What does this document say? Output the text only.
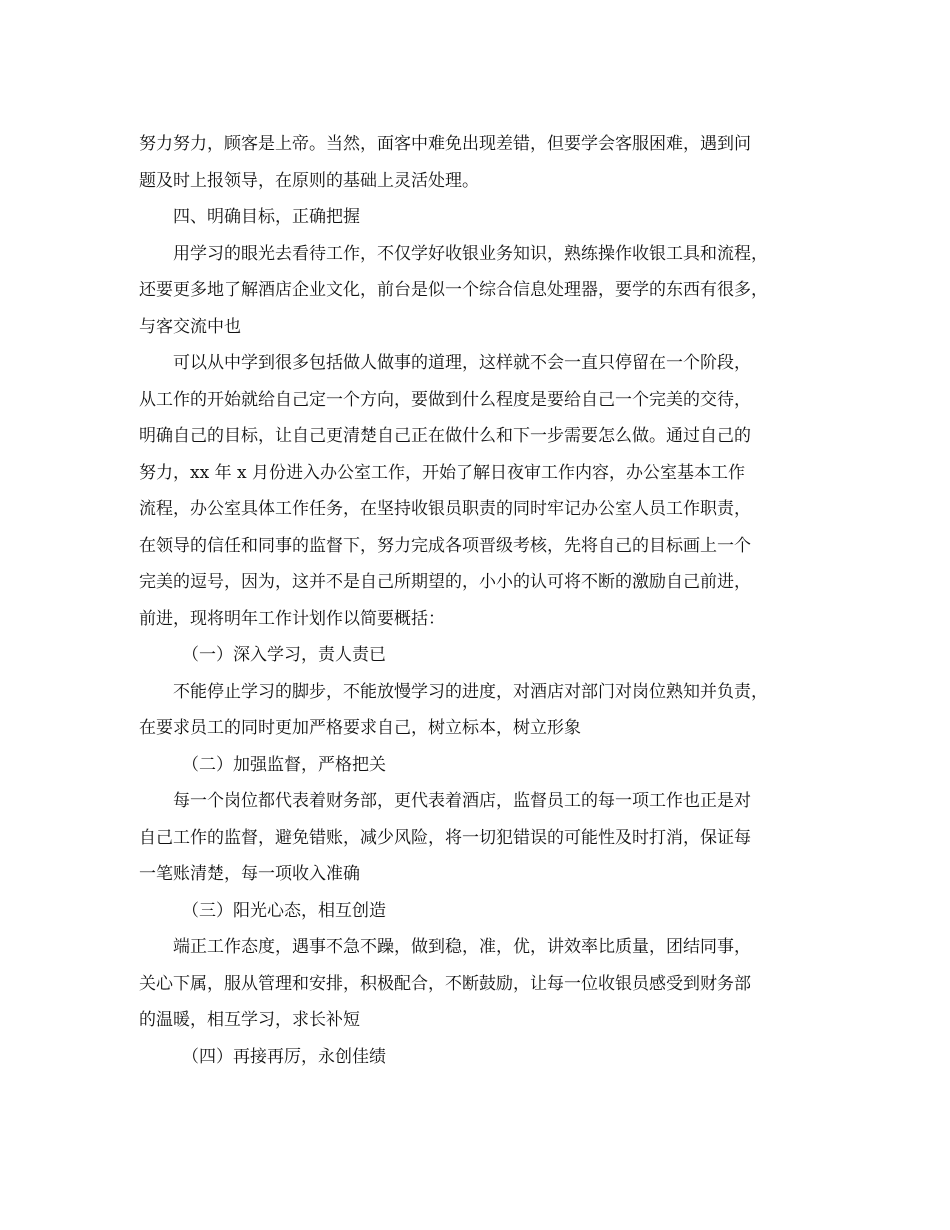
努力努力，顾客是上帝。当然，面客中难免出现差错，但要学会客服困难，遇到问
题及时上报领导，在原则的基础上灵活处理。
四、明确目标，正确把握
用学习的眼光去看待工作，不仅学好收银业务知识，熟练操作收银工具和流程，
还要更多地了解酒店企业文化，前台是似一个综合信息处理器，要学的东西有很多，
与客交流中也
可以从中学到很多包括做人做事的道理，这样就不会一直只停留在一个阶段，
从工作的开始就给自己定一个方向，要做到什么程度是要给自己一个完美的交待，
明确自己的目标，让自己更清楚自己正在做什么和下一步需要怎么做。通过自己的
努力，xx 年 x 月份进入办公室工作，开始了解日夜审工作内容，办公室基本工作
流程，办公室具体工作任务，在坚持收银员职责的同时牢记办公室人员工作职责，
在领导的信任和同事的监督下，努力完成各项晋级考核，先将自己的目标画上一个
完美的逗号，因为，这并不是自己所期望的，小小的认可将不断的激励自己前进，
前进，现将明年工作计划作以简要概括：
（一）深入学习，责人责已
不能停止学习的脚步，不能放慢学习的进度，对酒店对部门对岗位熟知并负责，
在要求员工的同时更加严格要求自己，树立标本，树立形象
（二）加强监督，严格把关
每一个岗位都代表着财务部，更代表着酒店，监督员工的每一项工作也正是对
自己工作的监督，避免错账，减少风险，将一切犯错误的可能性及时打消，保证每
一笔账清楚，每一项收入准确
（三）阳光心态，相互创造
端正工作态度，遇事不急不躁，做到稳，准，优，讲效率比质量，团结同事，
关心下属，服从管理和安排，积极配合，不断鼓励，让每一位收银员感受到财务部
的温暖，相互学习，求长补短
（四）再接再厉，永创佳绩
